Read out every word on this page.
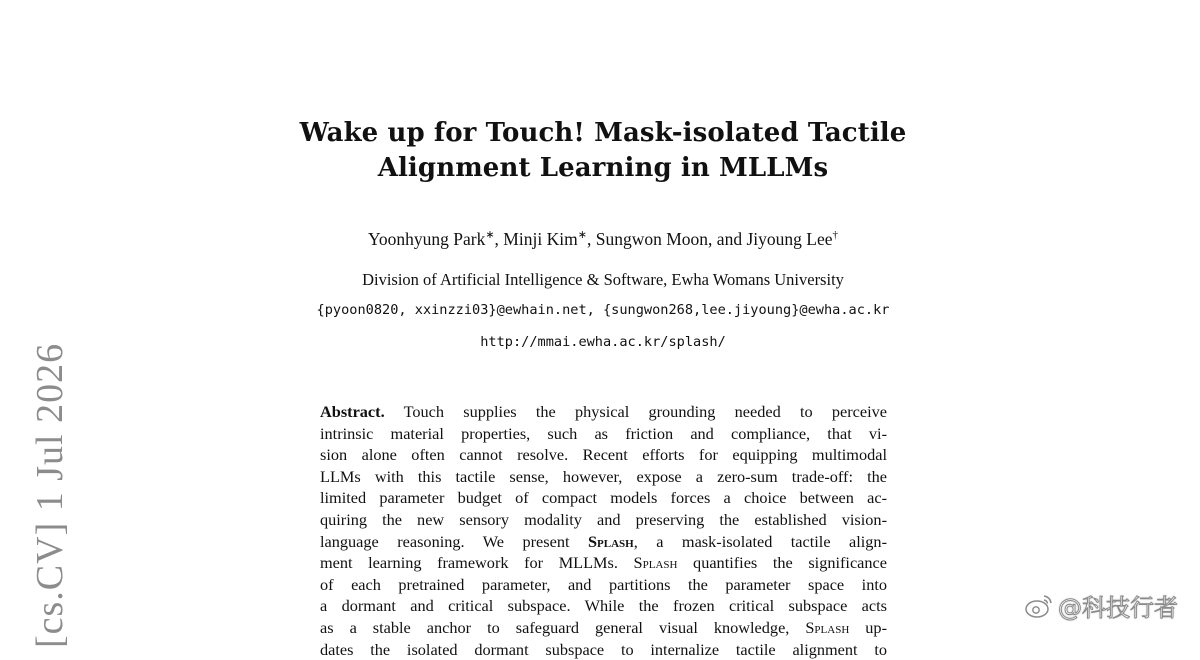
Wake up for Touch! Mask-isolated Tactile
Alignment Learning in MLLMs
Yoonhyung Park∗, Minji Kim∗, Sungwon Moon, and Jiyoung Lee†
Division of Artificial Intelligence & Software, Ewha Womans University
{pyoon0820, xxinzzi03}@ewhain.net, {sungwon268,lee.jiyoung}@ewha.ac.kr
http://mmai.ewha.ac.kr/splash/
Abstract. Touch supplies the physical grounding needed to perceive
intrinsic material properties, such as friction and compliance, that vi-
sion alone often cannot resolve. Recent efforts for equipping multimodal
LLMs with this tactile sense, however, expose a zero-sum trade-off: the
limited parameter budget of compact models forces a choice between ac-
quiring the new sensory modality and preserving the established vision-
language reasoning. We present Splash, a mask-isolated tactile align-
ment learning framework for MLLMs. Splash quantifies the significance
of each pretrained parameter, and partitions the parameter space into
a dormant and critical subspace. While the frozen critical subspace acts
as a stable anchor to safeguard general visual knowledge, Splash up-
dates the isolated dormant subspace to internalize tactile alignment to
[cs.CV] 1 Jul 2026	@科技行者
